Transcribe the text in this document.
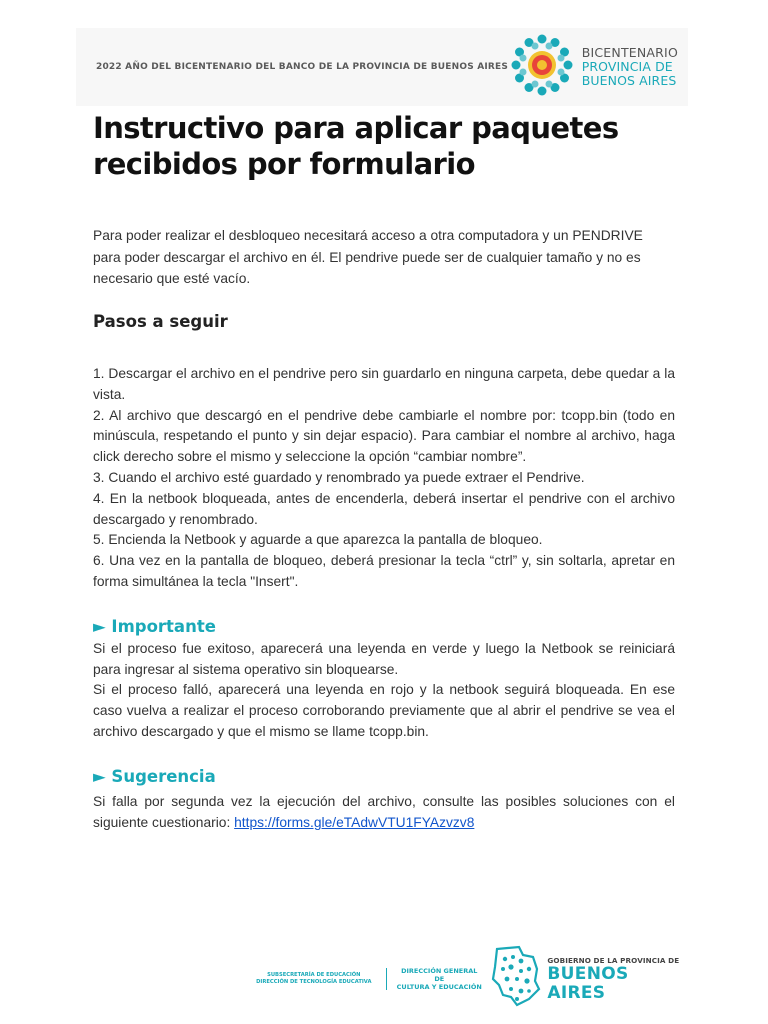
2022 AÑO DEL BICENTENARIO DEL BANCO DE LA PROVINCIA DE BUENOS AIRES
BICENTENARIO
PROVINCIA DE
BUENOS AIRES
Instructivo para aplicar paquetes
recibidos por formulario
Para poder realizar el desbloqueo necesitará acceso a otra computadora y un PENDRIVE
para poder descargar el archivo en él. El pendrive puede ser de cualquier tamaño y no es
necesario que esté vacío.
Pasos a seguir
1. Descargar el archivo en el pendrive pero sin guardarlo en ninguna carpeta, debe quedar a la vista.
2. Al archivo que descargó en el pendrive debe cambiarle el nombre por: tcopp.bin (todo en minúscula, respetando el punto y sin dejar espacio). Para cambiar el nombre al archivo, haga click derecho sobre el mismo y seleccione la opción “cambiar nombre”.
3. Cuando el archivo esté guardado y renombrado ya puede extraer el Pendrive.
4. En la netbook bloqueada, antes de encenderla, deberá insertar el pendrive con el archivo descargado y renombrado.
5. Encienda la Netbook y aguarde a que aparezca la pantalla de bloqueo.
6. Una vez en la pantalla de bloqueo, deberá presionar la tecla “ctrl” y, sin soltarla, apretar en forma simultánea la tecla "Insert".
► Importante

Si el proceso fue exitoso, aparecerá una leyenda en verde y luego la Netbook se reiniciará para ingresar al sistema operativo sin bloquearse.

Si el proceso falló, aparecerá una leyenda en rojo y la netbook seguirá bloqueada. En ese caso vuelva a realizar el proceso corroborando previamente que al abrir el pendrive se vea el archivo descargado y que el mismo se llame tcopp.bin.

► Sugerencia

Si falla por segunda vez la ejecución del archivo, consulte las posibles soluciones con el siguiente cuestionario: https://forms.gle/eTAdwVTU1FYAzvzv8

SUBSECRETARÍA DE EDUCACIÓN
DIRECCIÓN DE TECNOLOGÍA EDUCATIVA
DIRECCIÓN GENERAL DE
CULTURA Y EDUCACIÓN
GOBIERNO DE LA PROVINCIA DE
BUENOS AIRES
